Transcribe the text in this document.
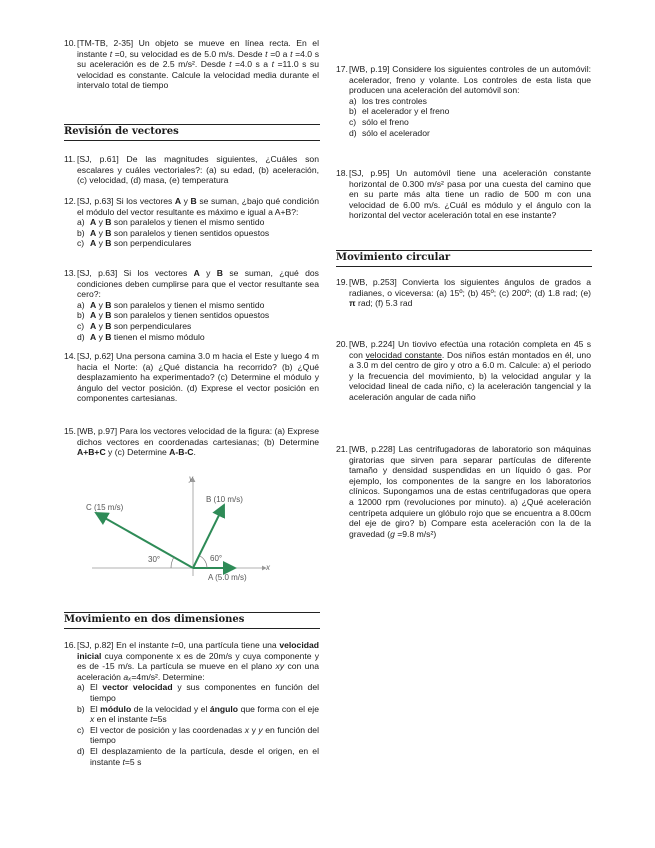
10. [TM-TB, 2-35] Un objeto se mueve en línea recta. En el instante t =0, su velocidad es de 5.0 m/s. Desde t =0 a t =4.0 s su aceleración es de 2.5 m/s². Desde t =4.0 s a t =11.0 s su velocidad es constante. Calcule la velocidad media durante el intervalo total de tiempo
Revisión de vectores
11. [SJ, p.61] De las magnitudes siguientes, ¿Cuáles son escalares y cuáles vectoriales?: (a) su edad, (b) aceleración, (c) velocidad, (d) masa, (e) temperatura
12. [SJ, p.63] Si los vectores A y B se suman, ¿bajo qué condición el módulo del vector resultante es máximo e igual a A+B?:
a) A y B son paralelos y tienen el mismo sentido
b) A y B son paralelos y tienen sentidos opuestos
c) A y B son perpendiculares
13. [SJ, p.63] Si los vectores A y B se suman, ¿qué dos condiciones deben cumplirse para que el vector resultante sea cero?:
a) A y B son paralelos y tienen el mismo sentido
b) A y B son paralelos y tienen sentidos opuestos
c) A y B son perpendiculares
d) A y B tienen el mismo módulo
14. [SJ, p.62] Una persona camina 3.0 m hacia el Este y luego 4 m hacia el Norte: (a) ¿Qué distancia ha recorrido? (b) ¿Qué desplazamiento ha experimentado? (c) Determine el módulo y ángulo del vector posición. (d) Exprese el vector posición en componentes cartesianas.
15. [WB, p.97] Para los vectores velocidad de la figura: (a) Exprese dichos vectores en coordenadas cartesianas; (b) Determine A+B+C y (c) Determine A-B-C.
y
x
C (15 m/s)
B (10 m/s)
A (5.0 m/s)
30°	60°
Movimiento en dos dimensiones
16. [SJ, p.82] En el instante t=0, una partícula tiene una velocidad inicial cuya componente x es de 20m/s y cuya componente y es de -15 m/s. La partícula se mueve en el plano xy con una aceleración aₓ=4m/s². Determine:
a) El vector velocidad y sus componentes en función del tiempo
b) El módulo de la velocidad y el ángulo que forma con el eje x en el instante t=5s
c) El vector de posición y las coordenadas x y y en función del tiempo
d) El desplazamiento de la partícula, desde el origen, en el instante t=5 s
17. [WB, p.19] Considere los siguientes controles de un automóvil: acelerador, freno y volante. Los controles de esta lista que producen una aceleración del automóvil son:
a) los tres controles
b) el acelerador y el freno
c) sólo el freno
d) sólo el acelerador
18. [SJ, p.95] Un automóvil tiene una aceleración constante horizontal de 0.300 m/s² pasa por una cuesta del camino que en su parte más alta tiene un radio de 500 m con una velocidad de 6.00 m/s. ¿Cuál es módulo y el ángulo con la horizontal del vector aceleración total en ese instante?
Movimiento circular
19. [WB, p.253] Convierta los siguientes ángulos de grados a radianes, o viceversa: (a) 15º; (b) 45º; (c) 200º; (d) 1.8 rad; (e) π rad; (f) 5.3 rad
20. [WB, p.224] Un tiovivo efectúa una rotación completa en 45 s con velocidad constante. Dos niños están montados en él, uno a 3.0 m del centro de giro y otro a 6.0 m. Calcule: a) el periodo y la frecuencia del movimiento, b) la velocidad angular y la velocidad lineal de cada niño, c) la aceleración tangencial y la aceleración angular de cada niño
21. [WB, p.228] Las centrifugadoras de laboratorio son máquinas giratorias que sirven para separar partículas de diferente tamaño y densidad suspendidas en un líquido ó gas. Por ejemplo, los componentes de la sangre en los laboratorios clínicos. Supongamos una de estas centrifugadoras que opera a 12000 rpm (revoluciones por minuto). a) ¿Qué aceleración centrípeta adquiere un glóbulo rojo que se encuentra a 8.00cm del eje de giro? b) Compare esta aceleración con la de la gravedad (g =9.8 m/s²)
